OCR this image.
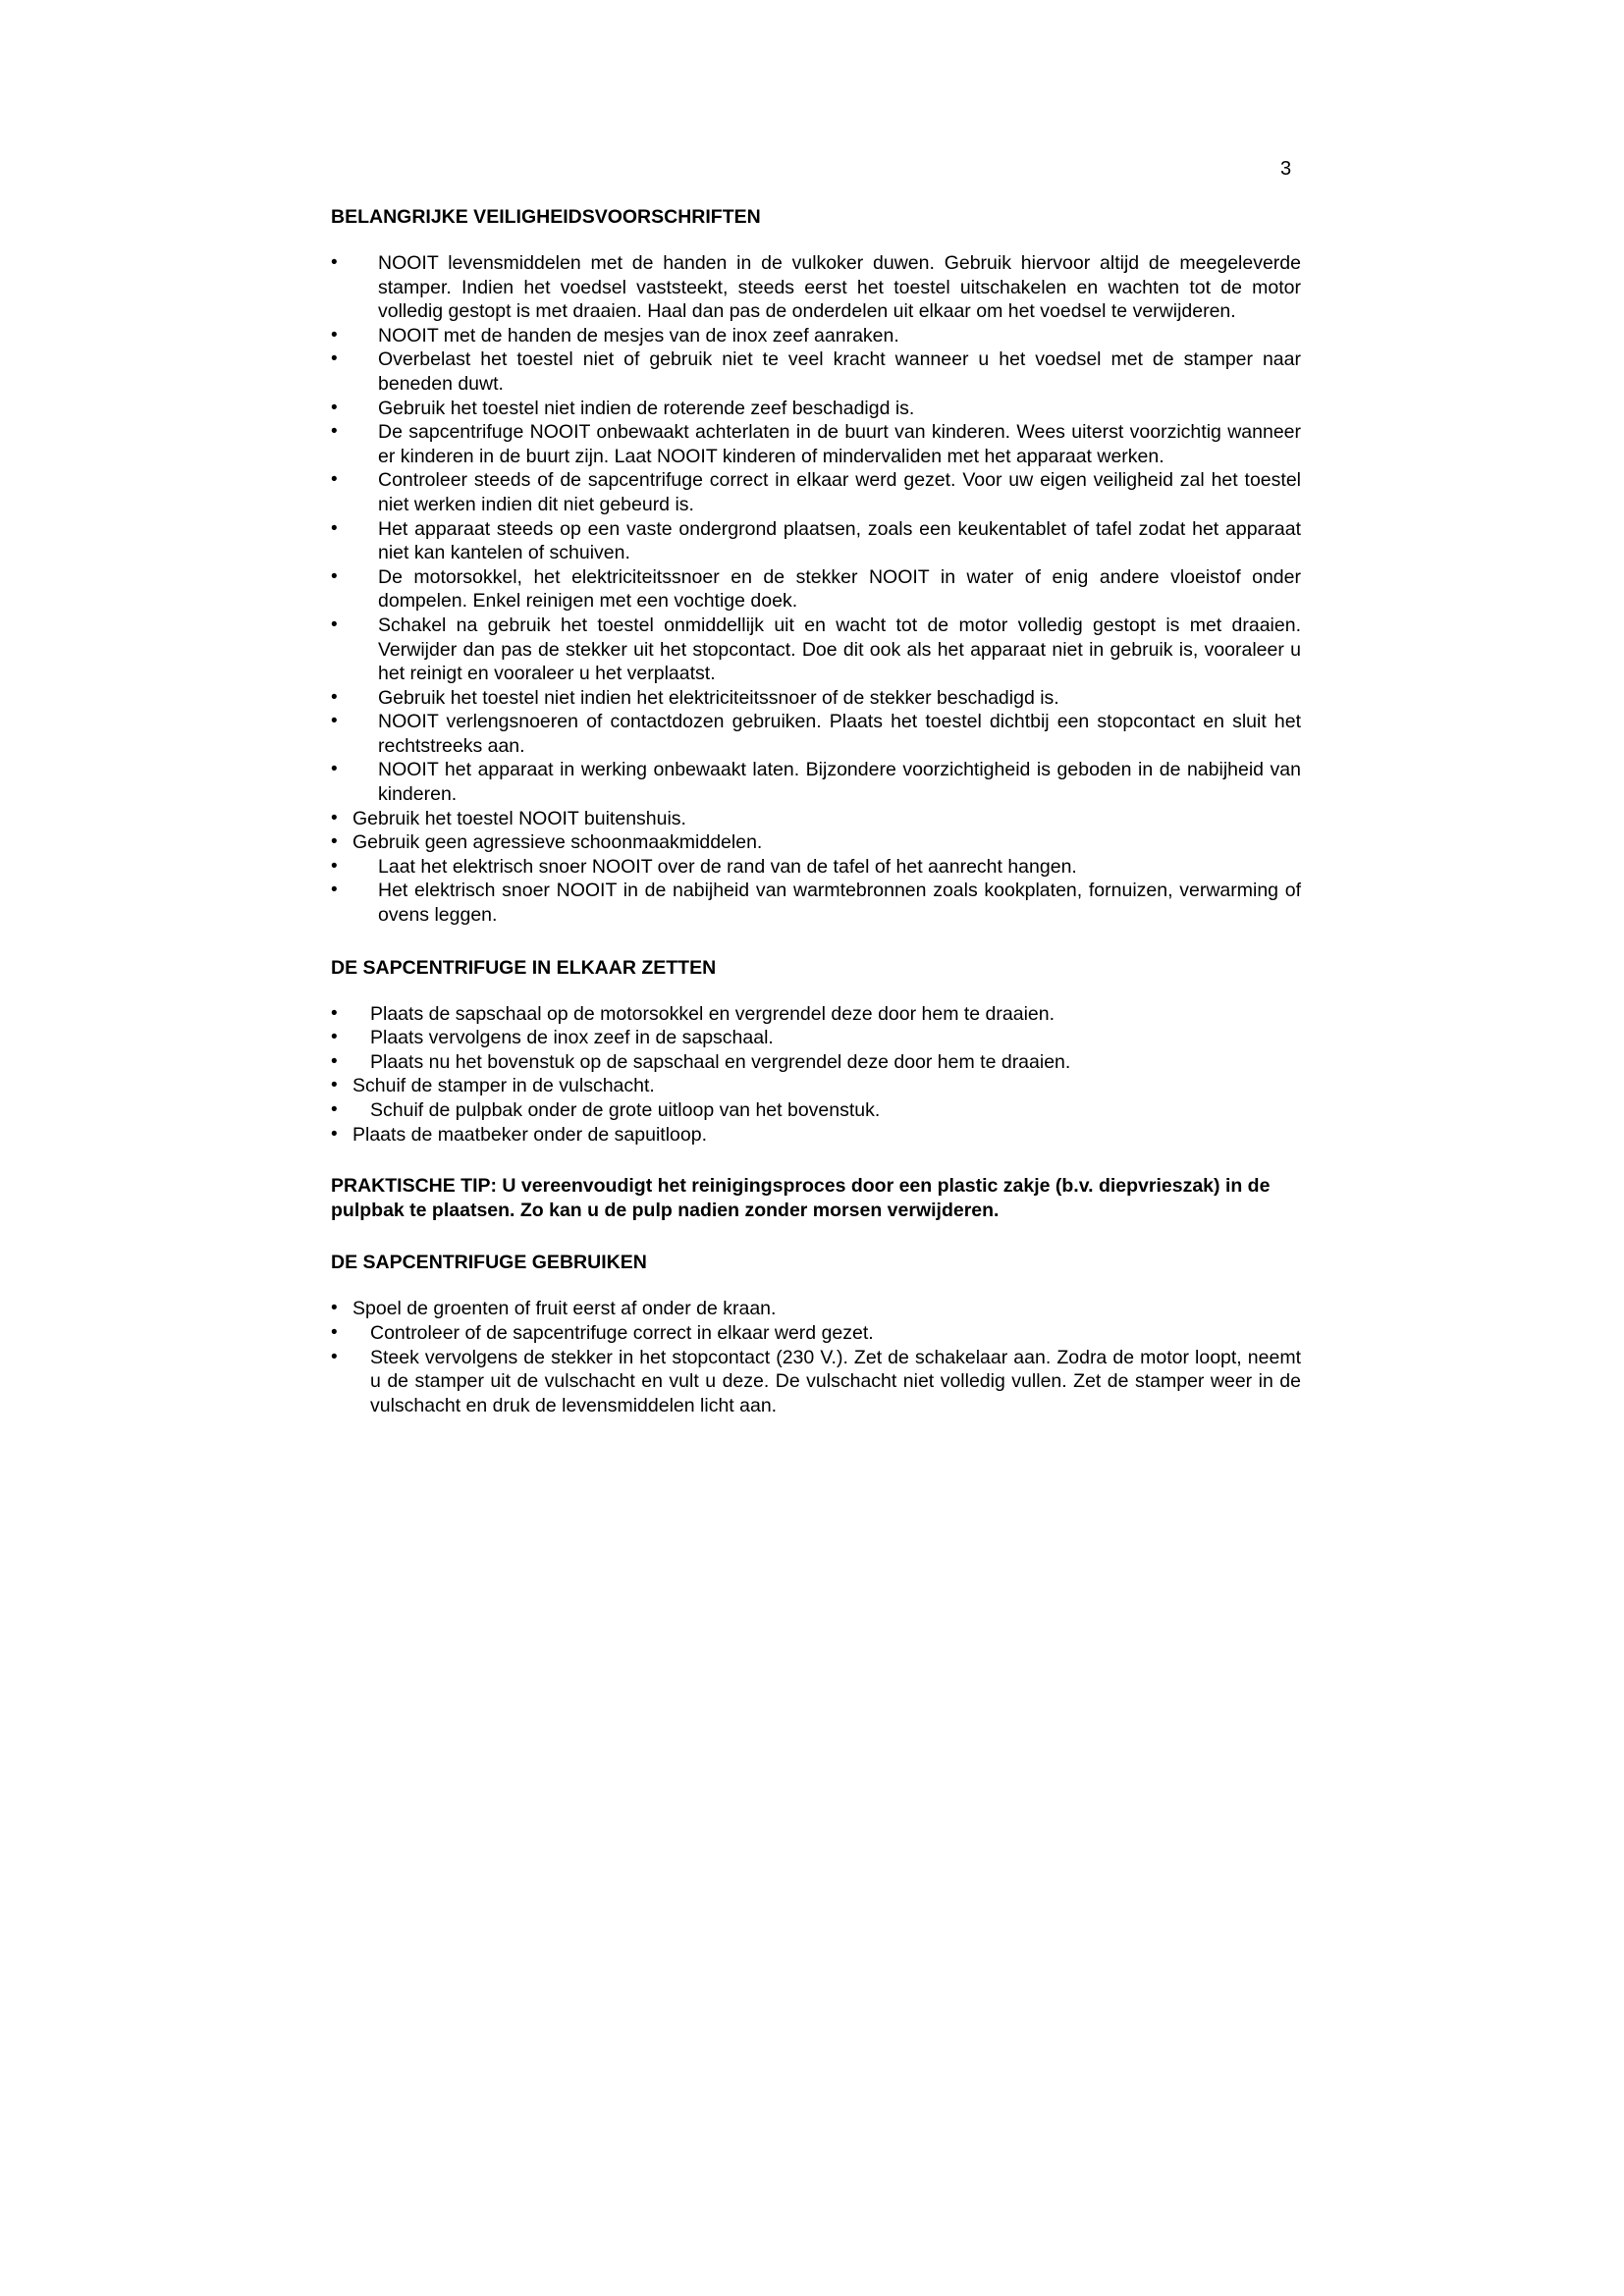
3
BELANGRIJKE VEILIGHEIDSVOORSCHRIFTEN
• NOOIT levensmiddelen met de handen in de vulkoker duwen. Gebruik hiervoor altijd de meegeleverde stamper. Indien het voedsel vaststeekt, steeds eerst het toestel uitschakelen en wachten tot de motor volledig gestopt is met draaien. Haal dan pas de onderdelen uit elkaar om het voedsel te verwijderen.
• NOOIT met de handen de mesjes van de inox zeef aanraken.
• Overbelast het toestel niet of gebruik niet te veel kracht wanneer u het voedsel met de stamper naar beneden duwt.
• Gebruik het toestel niet indien de roterende zeef beschadigd is.
• De sapcentrifuge NOOIT onbewaakt achterlaten in de buurt van kinderen. Wees uiterst voorzichtig wanneer er kinderen in de buurt zijn. Laat NOOIT kinderen of mindervaliden met het apparaat werken.
• Controleer steeds of de sapcentrifuge correct in elkaar werd gezet. Voor uw eigen veiligheid zal het toestel niet werken indien dit niet gebeurd is.
• Het apparaat steeds op een vaste ondergrond plaatsen, zoals een keukentablet of tafel zodat het apparaat niet kan kantelen of schuiven.
• De motorsokkel, het elektriciteitssnoer en de stekker NOOIT in water of enig andere vloeistof onder dompelen. Enkel reinigen met een vochtige doek.
• Schakel na gebruik het toestel onmiddellijk uit en wacht tot de motor volledig gestopt is met draaien. Verwijder dan pas de stekker uit het stopcontact. Doe dit ook als het apparaat niet in gebruik is, vooraleer u het reinigt en vooraleer u het verplaatst.
• Gebruik het toestel niet indien het elektriciteitssnoer of de stekker beschadigd is.
• NOOIT verlengsnoeren of contactdozen gebruiken. Plaats het toestel dichtbij een stopcontact en sluit het rechtstreeks aan.
• NOOIT het apparaat in werking onbewaakt laten. Bijzondere voorzichtigheid is geboden in de nabijheid van kinderen.
• Gebruik het toestel NOOIT buitenshuis.
• Gebruik geen agressieve schoonmaakmiddelen.
• Laat het elektrisch snoer NOOIT over de rand van de tafel of het aanrecht hangen.
• Het elektrisch snoer NOOIT in de nabijheid van warmtebronnen zoals kookplaten, fornuizen, verwarming of ovens leggen.
DE SAPCENTRIFUGE IN ELKAAR ZETTEN
• Plaats de sapschaal op de motorsokkel en vergrendel deze door hem te draaien.
• Plaats vervolgens de inox zeef in de sapschaal.
• Plaats nu het bovenstuk op de sapschaal en vergrendel deze door hem te draaien.
• Schuif de stamper in de vulschacht.
• Schuif de pulpbak onder de grote uitloop van het bovenstuk.
• Plaats de maatbeker onder de sapuitloop.

PRAKTISCHE TIP: U vereenvoudigt het reinigingsproces door een plastic zakje (b.v. diepvrieszak) in de pulpbak te plaatsen. Zo kan u de pulp nadien zonder morsen verwijderen.

DE SAPCENTRIFUGE GEBRUIKEN
• Spoel de groenten of fruit eerst af onder de kraan.
• Controleer of de sapcentrifuge correct in elkaar werd gezet.
• Steek vervolgens de stekker in het stopcontact (230 V.). Zet de schakelaar aan. Zodra de motor loopt, neemt u de stamper uit de vulschacht en vult u deze. De vulschacht niet volledig vullen. Zet de stamper weer in de vulschacht en druk de levensmiddelen licht aan.
